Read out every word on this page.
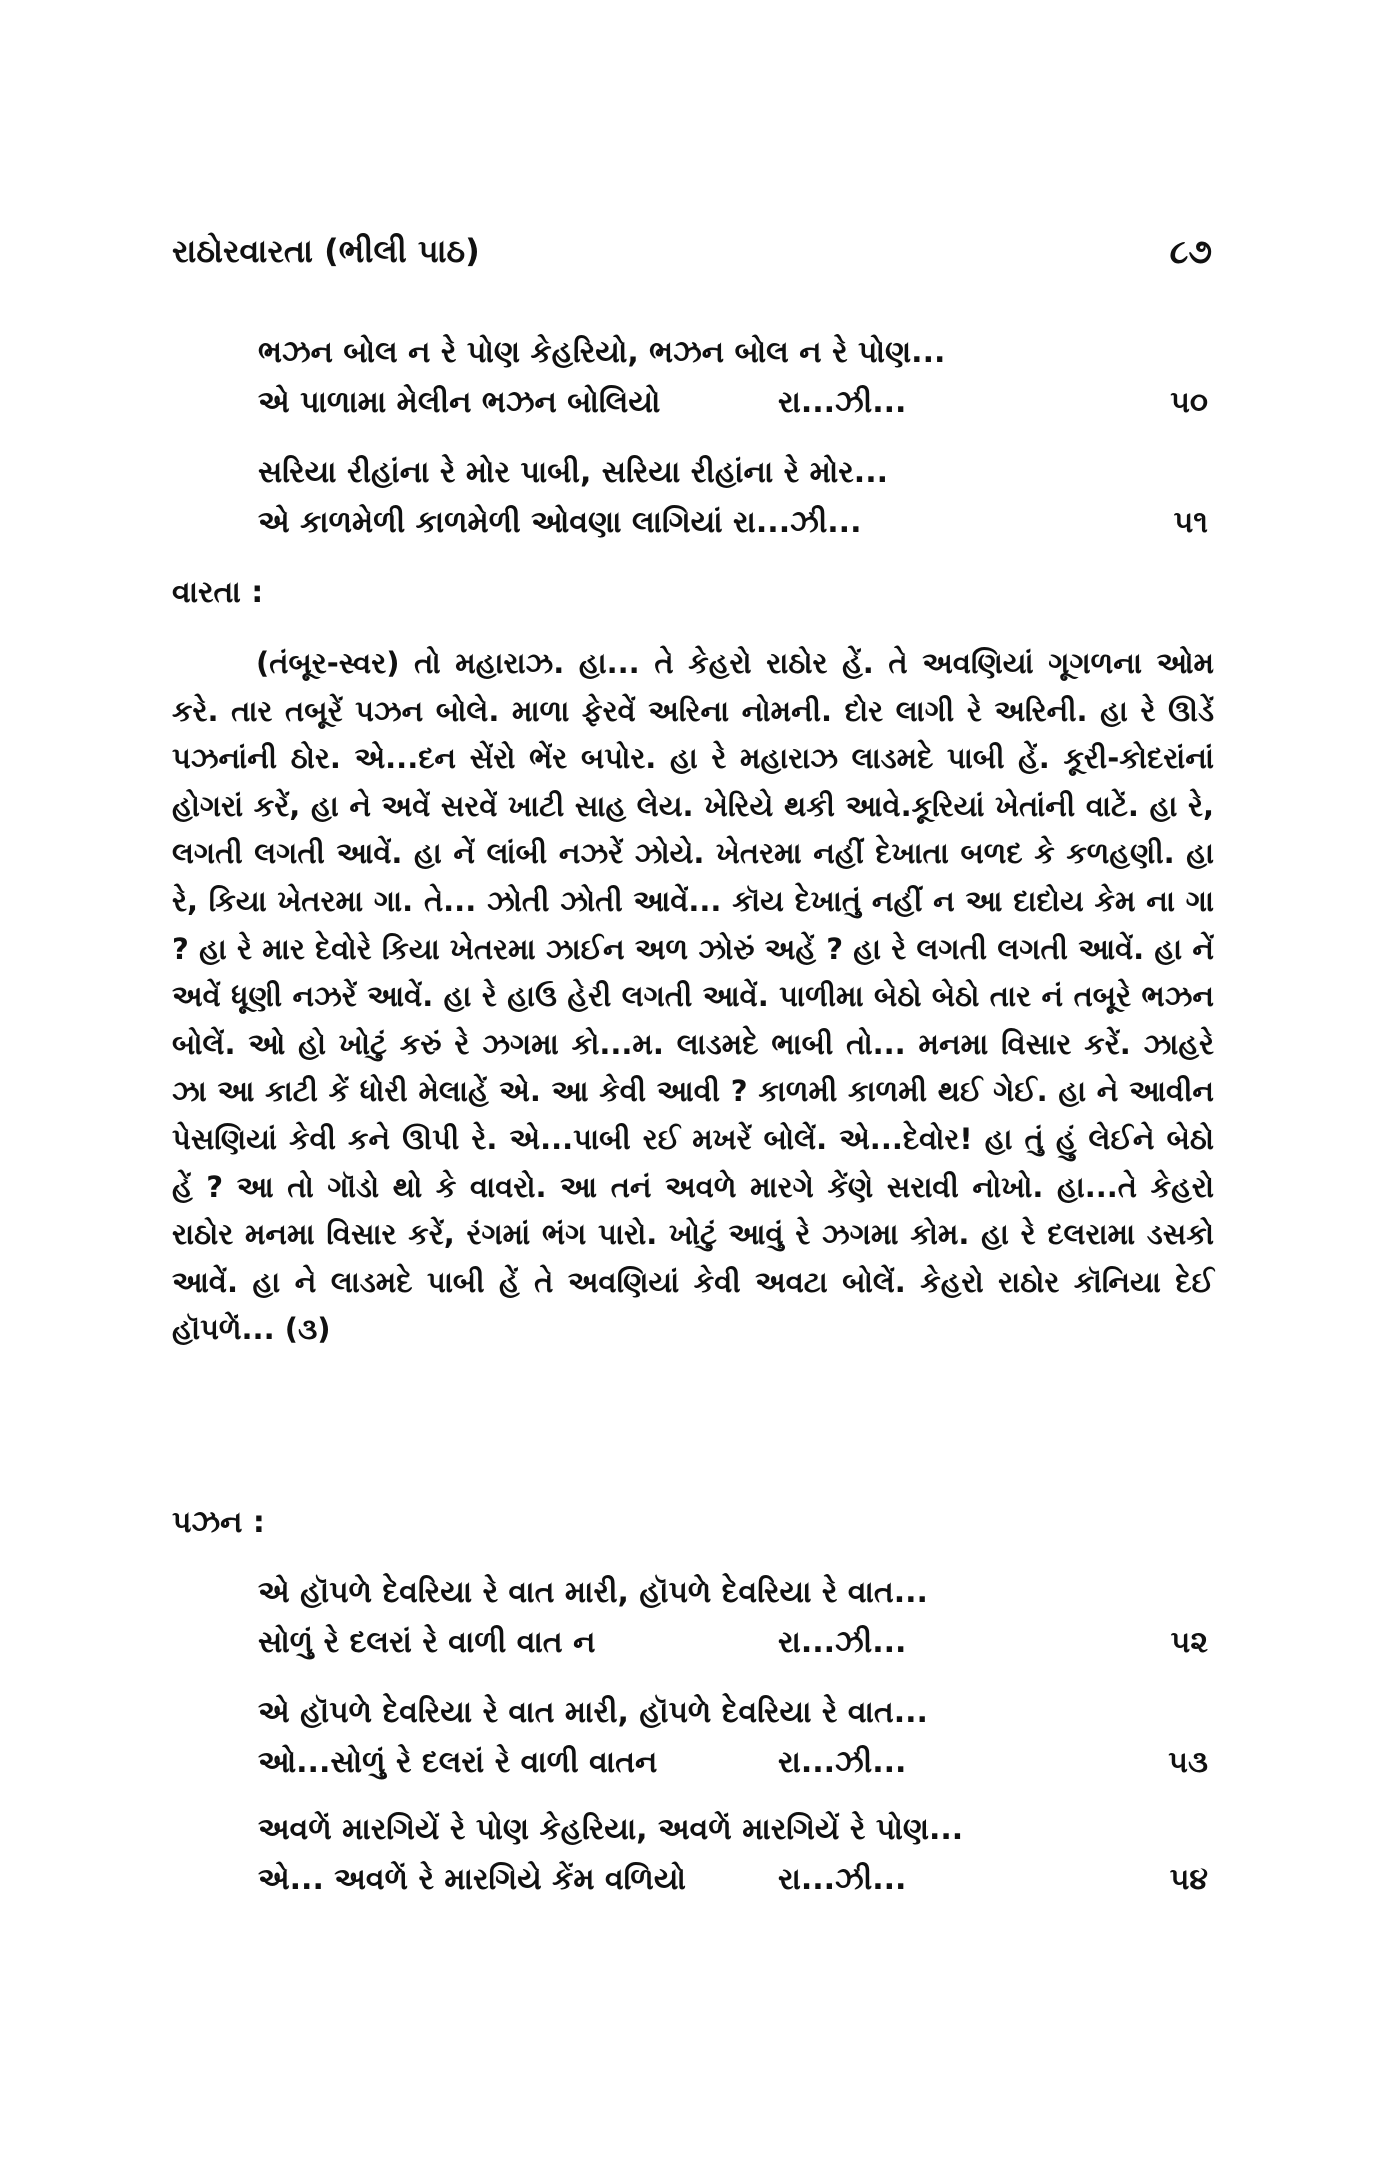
રાઠોરવારતા (ભીલી પાઠ)	૮૭
ભઝન બોલ ન રે પોણ કેહરિયો, ભઝન બોલ ન રે પોણ...
એ પાળામા મેલીન ભઝન બોલિયો	રા...ઝી...	૫૦
સરિયા રીહાંના રે મોર પાબી, સરિયા રીહાંના રે મોર...
એ કાળમેળી કાળમેળી ઓવણા લાગિયાં રા...ઝી...	૫૧
વારતા :

(તંબૂર-સ્વર) તો મહારાઝ. હા... તે કેહરો રાઠોર હેં. તે અવણિયાં ગૂગળના ઓમ કરે. તાર તબૂરેં પઝન બોલે. માળા ફેરવેં અરિના નોમની. દોર લાગી રે અરિની. હા રે ઊડેં પઝનાંની ઠોર. એ...દન સેંરો ભેંર બપોર. હા રે મહારાઝ લાડમદે પાબી હેં. કૂરી-કોદરાંનાં હોગરાં કરેં, હા ને અવેં સરવેં ખાટી સાહ લેય. ખેરિયે થકી આવે.કૂરિયાં ખેતાંની વાટેં. હા રે, લગતી લગતી આવેં. હા નેં લાંબી નઝરેં ઝોયે. ખેતરમા નહીં દેખાતા બળદ કે કળહણી. હા રે, કિયા ખેતરમા ગા. તે... ઝોતી ઝોતી આવેં... કૉય દેખાતું નહીં ન આ દાદોય કેમ ના ગા ? હા રે માર દેવોરે કિયા ખેતરમા ઝાઈન અળ ઝોરું અહેં ? હા રે લગતી લગતી આવેં. હા નેં અવેં ધૂણી નઝરેં આવેં. હા રે હાઉ હેરી લગતી આવેં. પાળીમા બેઠો બેઠો તાર નં તબૂરે ભઝન બોલેં. ઓ હો ખોટું કરું રે ઝગમા કો...મ. લાડમદે ભાબી તો... મનમા વિસાર કરેં. ઝાહરે ઝા આ કાટી કેં ધોરી મેલાહેં એ. આ કેવી આવી ? કાળમી કાળમી થઈ ગેઈ. હા ને આવીન પેસણિયાં કેવી કને ઊપી રે. એ...પાબી રઈ મખરેં બોલેં. એ...દેવોર! હા તું હું લેઈને બેઠો હેં ? આ તો ગૉડો થો કે વાવરો. આ તનં અવળે મારગે કેંણે સરાવી નોખો. હા...તે કેહરો રાઠોર મનમા વિસાર કરેં, રંગમાં ભંગ પારો. ખોટું આવું રે ઝગમા કોમ. હા રે દલરામા ડસકો આવેં. હા ને લાડમદે પાબી હેં તે અવણિયાં કેવી અવટા બોલેં. કેહરો રાઠોર કૉનિયા દેઈ હૉપળેં... (૩)

પઝન :
એ હૉપળે દેવરિયા રે વાત મારી, હૉપળે દેવરિયા રે વાત...
સોળું રે દલરાં રે વાળી વાત ન	રા...ઝી...	૫૨
એ હૉપળે દેવરિયા રે વાત મારી, હૉપળે દેવરિયા રે વાત...
ઓ...સોળું રે દલરાં રે વાળી વાતન	રા...ઝી...	૫૩
અવળેં મારગિયેં રે પોણ કેહરિયા, અવળેં મારગિયેં રે પોણ...
એ... અવળેં રે મારગિયે કેંમ વળિયો	રા...ઝી...	૫૪
